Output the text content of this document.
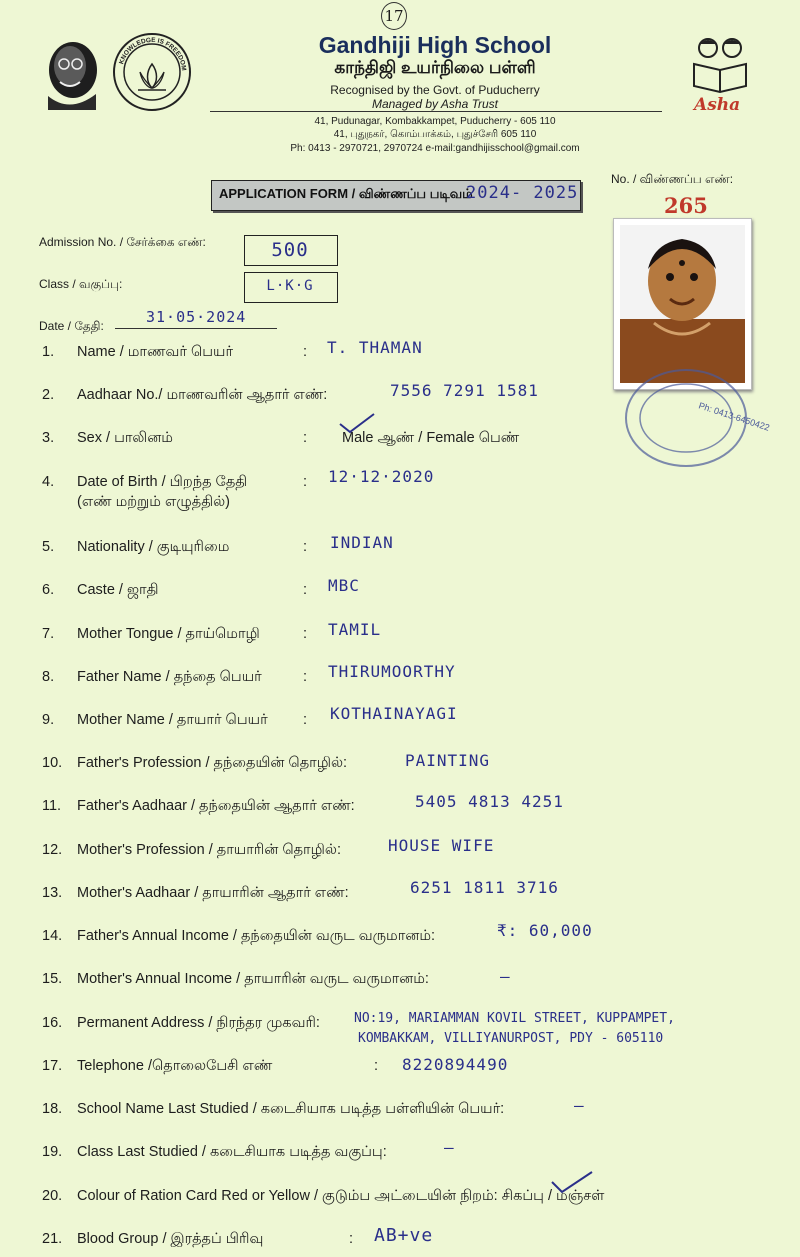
17
KNOWLEDGE IS FREEDOM
Asha
Gandhiji High School
காந்திஜி உயர்நிலை பள்ளி
Recognised by the Govt. of Puducherry
Managed by Asha Trust
41, Pudunagar, Kombakkampet, Puducherry - 605 110
41, புதுநகர், கொம்பாக்கம், புதுச்சேரி 605 110
Ph: 0413 - 2970721, 2970724 e-mail:gandhijisschool@gmail.com
APPLICATION FORM / விண்ணப்ப படிவம்
2024- 2025
No. / விண்ணப்ப எண்:
265
Ph: 0413-6450422
Admission No. / சேர்க்கை எண்:	500
Class / வகுப்பு:	L·K·G
Date / தேதி:	31·05·2024
1. Name / மாணவர் பெயர்	: T. THAMAN
2. Aadhaar No./ மாணவரின் ஆதார் எண்:	7556 7291 1581
3. Sex / பாலினம்	: Male ஆண் / Female பெண்
4. Date of Birth / பிறந்த தேதி
(எண் மற்றும் எழுத்தில்)
: 12·12·2020
5. Nationality / குடியுரிமை	: INDIAN
6. Caste / ஜாதி	: MBC
7. Mother Tongue / தாய்மொழி	: TAMIL
8. Father Name / தந்தை பெயர்	: THIRUMOORTHY
9. Mother Name / தாயார் பெயர் : KOTHAINAYAGI
10. Father's Profession / தந்தையின் தொழில்:	PAINTING
11. Father's Aadhaar / தந்தையின் ஆதார் எண்:	5405 4813 4251
12. Mother's Profession / தாயாரின் தொழில்:	HOUSE WIFE
13. Mother's Aadhaar / தாயாரின் ஆதார் எண்:	6251 1811 3716
14. Father's Annual Income / தந்தையின் வருட வருமானம்:	₹: 60,000
15. Mother's Annual Income / தாயாரின் வருட வருமானம்:	—
16. Permanent Address / நிரந்தர முகவரி:	NO:19, MARIAMMAN KOVIL STREET, KUPPAMPET,
KOMBAKKAM, VILLIYANURPOST, PDY - 605110
17. Telephone /தொலைபேசி எண்	: 8220894490
18. School Name Last Studied / கடைசியாக படித்த பள்ளியின் பெயர்:	—
19. Class Last Studied / கடைசியாக படித்த வகுப்பு:	—
20. Colour of Ration Card Red or Yellow / குடும்ப அட்டையின் நிறம்: சிகப்பு / மஞ்சள்
21. Blood Group / இரத்தப் பிரிவு	: AB+ve
